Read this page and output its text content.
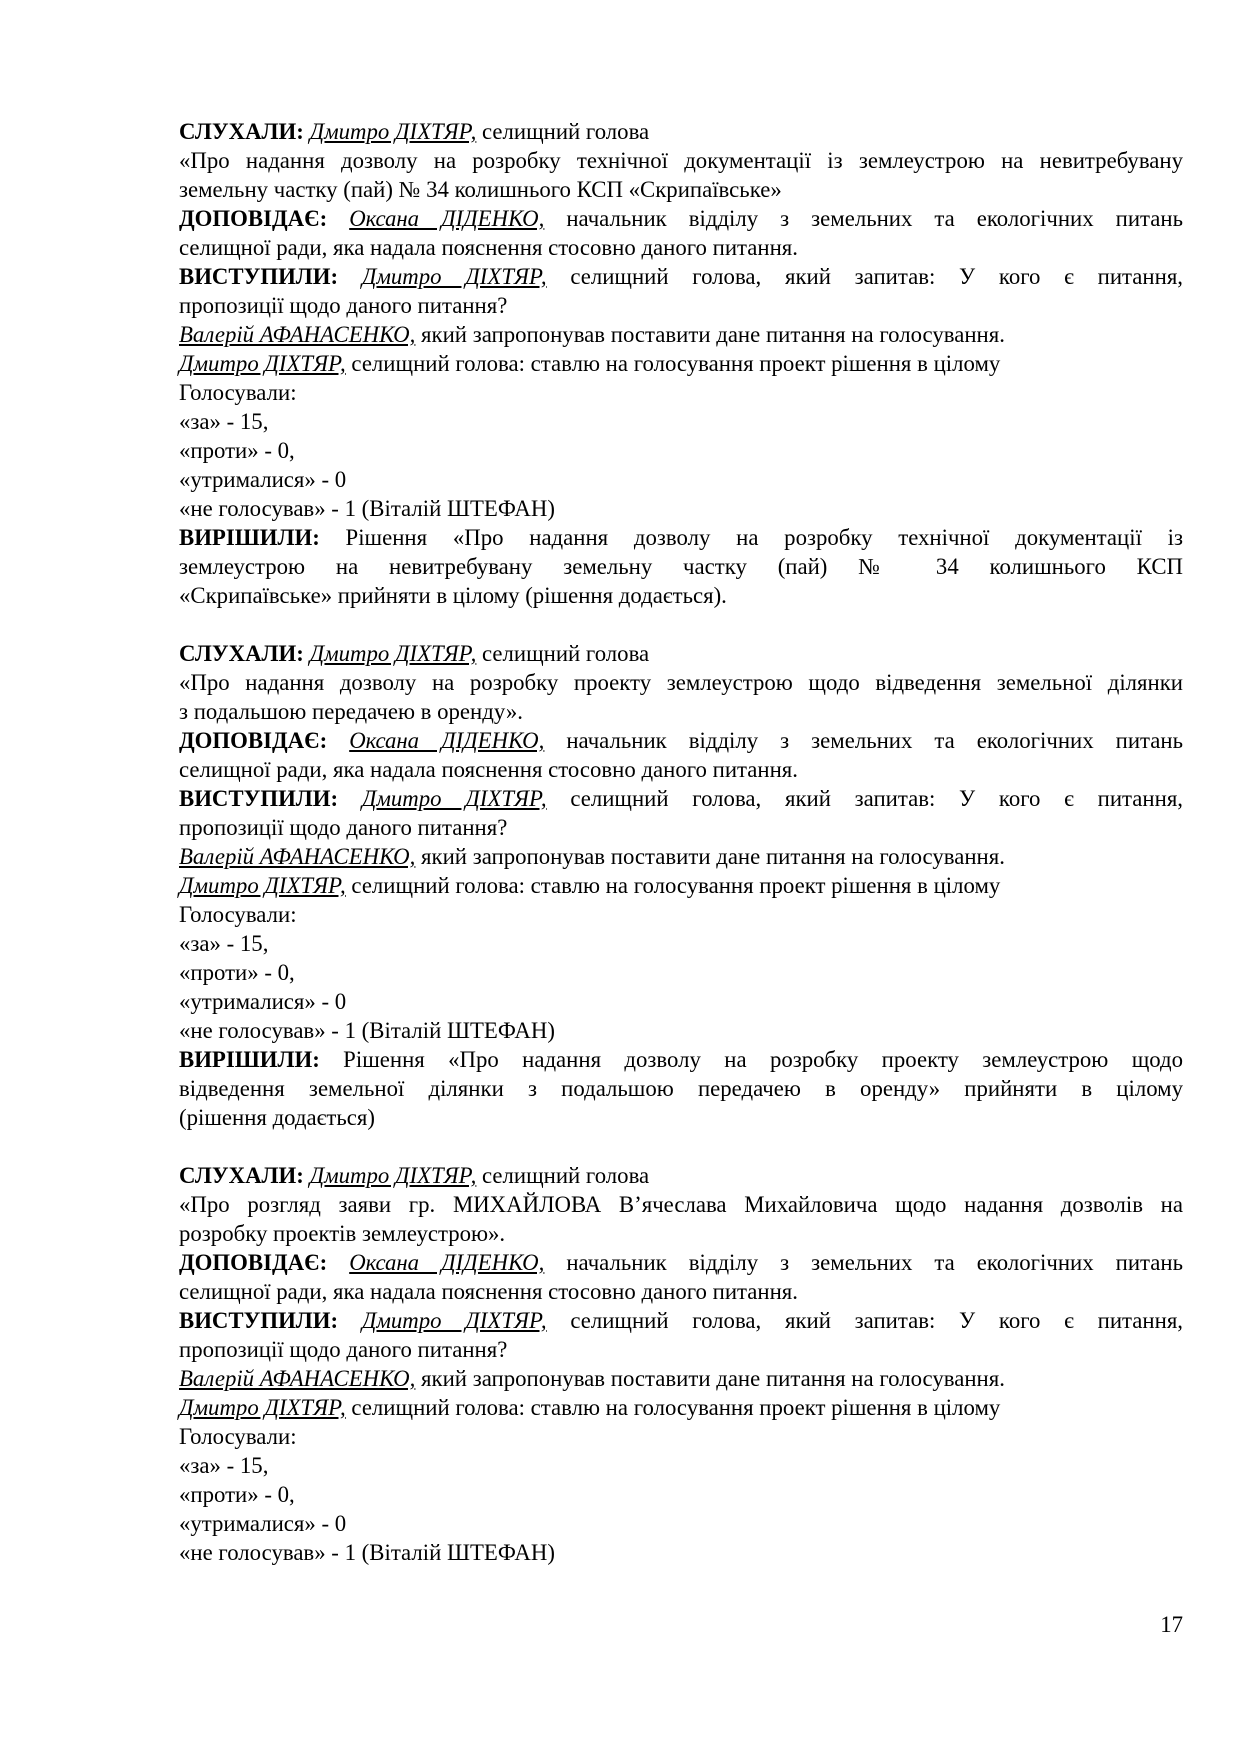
СЛУХАЛИ: Дмитро ДІХТЯР, селищний голова
«Про надання дозволу на розробку технічної документації із землеустрою на невитребувану
земельну частку (пай) № 34 колишнього КСП «Скрипаївське»
ДОПОВІДАЄ: Оксана ДІДЕНКО, начальник відділу з земельних та екологічних питань
селищної ради, яка надала пояснення стосовно даного питання.
ВИСТУПИЛИ: Дмитро ДІХТЯР, селищний голова, який запитав: У кого є питання,
пропозиції щодо даного питання?
Валерій АФАНАСЕНКО, який запропонував поставити дане питання на голосування.
Дмитро ДІХТЯР, селищний голова: ставлю на голосування проект рішення в цілому
Голосували:
«за» - 15,
«проти» - 0,
«утрималися» - 0
«не голосував» - 1 (Віталій ШТЕФАН)
ВИРІШИЛИ: Рішення «Про надання дозволу на розробку технічної документації із
землеустрою на невитребувану земельну частку (пай) № 34 колишнього КСП
«Скрипаївське» прийняти в цілому (рішення додається).
СЛУХАЛИ: Дмитро ДІХТЯР, селищний голова
«Про надання дозволу на розробку проекту землеустрою щодо відведення земельної ділянки
з подальшою передачею в оренду».
ДОПОВІДАЄ: Оксана ДІДЕНКО, начальник відділу з земельних та екологічних питань
селищної ради, яка надала пояснення стосовно даного питання.
ВИСТУПИЛИ: Дмитро ДІХТЯР, селищний голова, який запитав: У кого є питання,
пропозиції щодо даного питання?
Валерій АФАНАСЕНКО, який запропонував поставити дане питання на голосування.
Дмитро ДІХТЯР, селищний голова: ставлю на голосування проект рішення в цілому
Голосували:
«за» - 15,
«проти» - 0,
«утрималися» - 0
«не голосував» - 1 (Віталій ШТЕФАН)
ВИРІШИЛИ: Рішення «Про надання дозволу на розробку проекту землеустрою щодо
відведення земельної ділянки з подальшою передачею в оренду» прийняти в цілому
(рішення додається)
СЛУХАЛИ: Дмитро ДІХТЯР, селищний голова
«Про розгляд заяви гр. МИХАЙЛОВА В’ячеслава Михайловича щодо надання дозволів на
розробку проектів землеустрою».
ДОПОВІДАЄ: Оксана ДІДЕНКО, начальник відділу з земельних та екологічних питань
селищної ради, яка надала пояснення стосовно даного питання.
ВИСТУПИЛИ: Дмитро ДІХТЯР, селищний голова, який запитав: У кого є питання,
пропозиції щодо даного питання?
Валерій АФАНАСЕНКО, який запропонував поставити дане питання на голосування.
Дмитро ДІХТЯР, селищний голова: ставлю на голосування проект рішення в цілому
Голосували:
«за» - 15,
«проти» - 0,
«утрималися» - 0
«не голосував» - 1 (Віталій ШТЕФАН)
17
